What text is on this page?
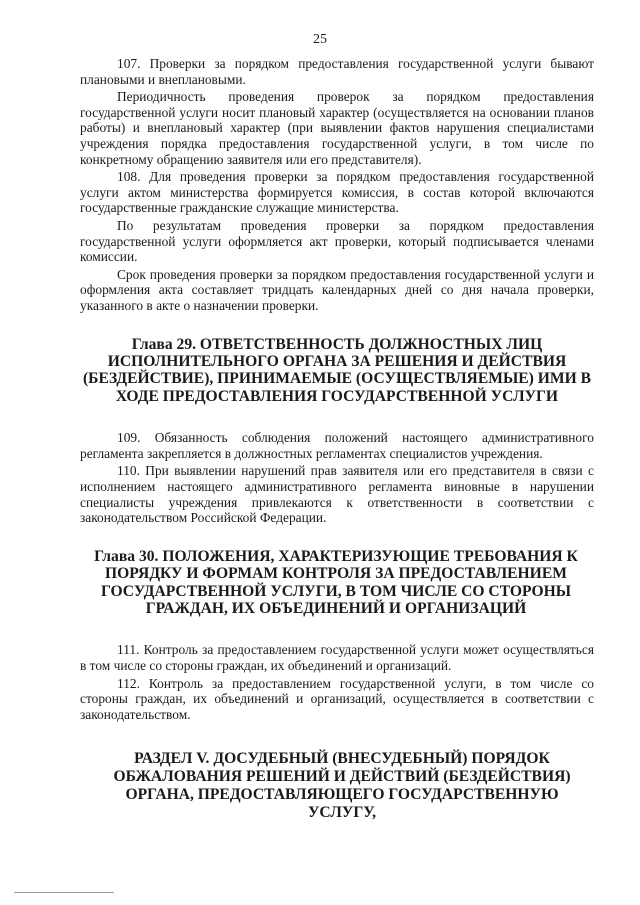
25

107. Проверки за порядком предоставления государственной услуги бывают плановыми и внеплановыми.

Периодичность проведения проверок за порядком предоставления государственной услуги носит плановый характер (осуществляется на основании планов работы) и внеплановый характер (при выявлении фактов нарушения специалистами учреждения порядка предоставления государственной услуги, в том числе по конкретному обращению заявителя или его представителя).

108. Для проведения проверки за порядком предоставления государственной услуги актом министерства формируется комиссия, в состав которой включаются государственные гражданские служащие министерства.

По результатам проведения проверки за порядком предоставления государственной услуги оформляется акт проверки, который подписывается членами комиссии.

Срок проведения проверки за порядком предоставления государственной услуги и оформления акта составляет тридцать календарных дней со дня начала проверки, указанного в акте о назначении проверки.

Глава 29. ОТВЕТСТВЕННОСТЬ ДОЛЖНОСТНЫХ ЛИЦ ИСПОЛНИТЕЛЬНОГО ОРГАНА ЗА РЕШЕНИЯ И ДЕЙСТВИЯ (БЕЗДЕЙСТВИЕ), ПРИНИМАЕМЫЕ (ОСУЩЕСТВЛЯЕМЫЕ) ИМИ В ХОДЕ ПРЕДОСТАВЛЕНИЯ ГОСУДАРСТВЕННОЙ УСЛУГИ

109. Обязанность соблюдения положений настоящего административного регламента закрепляется в должностных регламентах специалистов учреждения.

110. При выявлении нарушений прав заявителя или его представителя в связи с исполнением настоящего административного регламента виновные в нарушении специалисты учреждения привлекаются к ответственности в соответствии с законодательством Российской Федерации.

Глава 30. ПОЛОЖЕНИЯ, ХАРАКТЕРИЗУЮЩИЕ ТРЕБОВАНИЯ К ПОРЯДКУ И ФОРМАМ КОНТРОЛЯ ЗА ПРЕДОСТАВЛЕНИЕМ ГОСУДАРСТВЕННОЙ УСЛУГИ, В ТОМ ЧИСЛЕ СО СТОРОНЫ ГРАЖДАН, ИХ ОБЪЕДИНЕНИЙ И ОРГАНИЗАЦИЙ

111. Контроль за предоставлением государственной услуги может осуществляться в том числе со стороны граждан, их объединений и организаций.

112. Контроль за предоставлением государственной услуги, в том числе со стороны граждан, их объединений и организаций, осуществляется в соответствии с законодательством.

РАЗДЕЛ V. ДОСУДЕБНЫЙ (ВНЕСУДЕБНЫЙ) ПОРЯДОК ОБЖАЛОВАНИЯ РЕШЕНИЙ И ДЕЙСТВИЙ (БЕЗДЕЙСТВИЯ) ОРГАНА, ПРЕДОСТАВЛЯЮЩЕГО ГОСУДАРСТВЕННУЮ УСЛУГУ,
